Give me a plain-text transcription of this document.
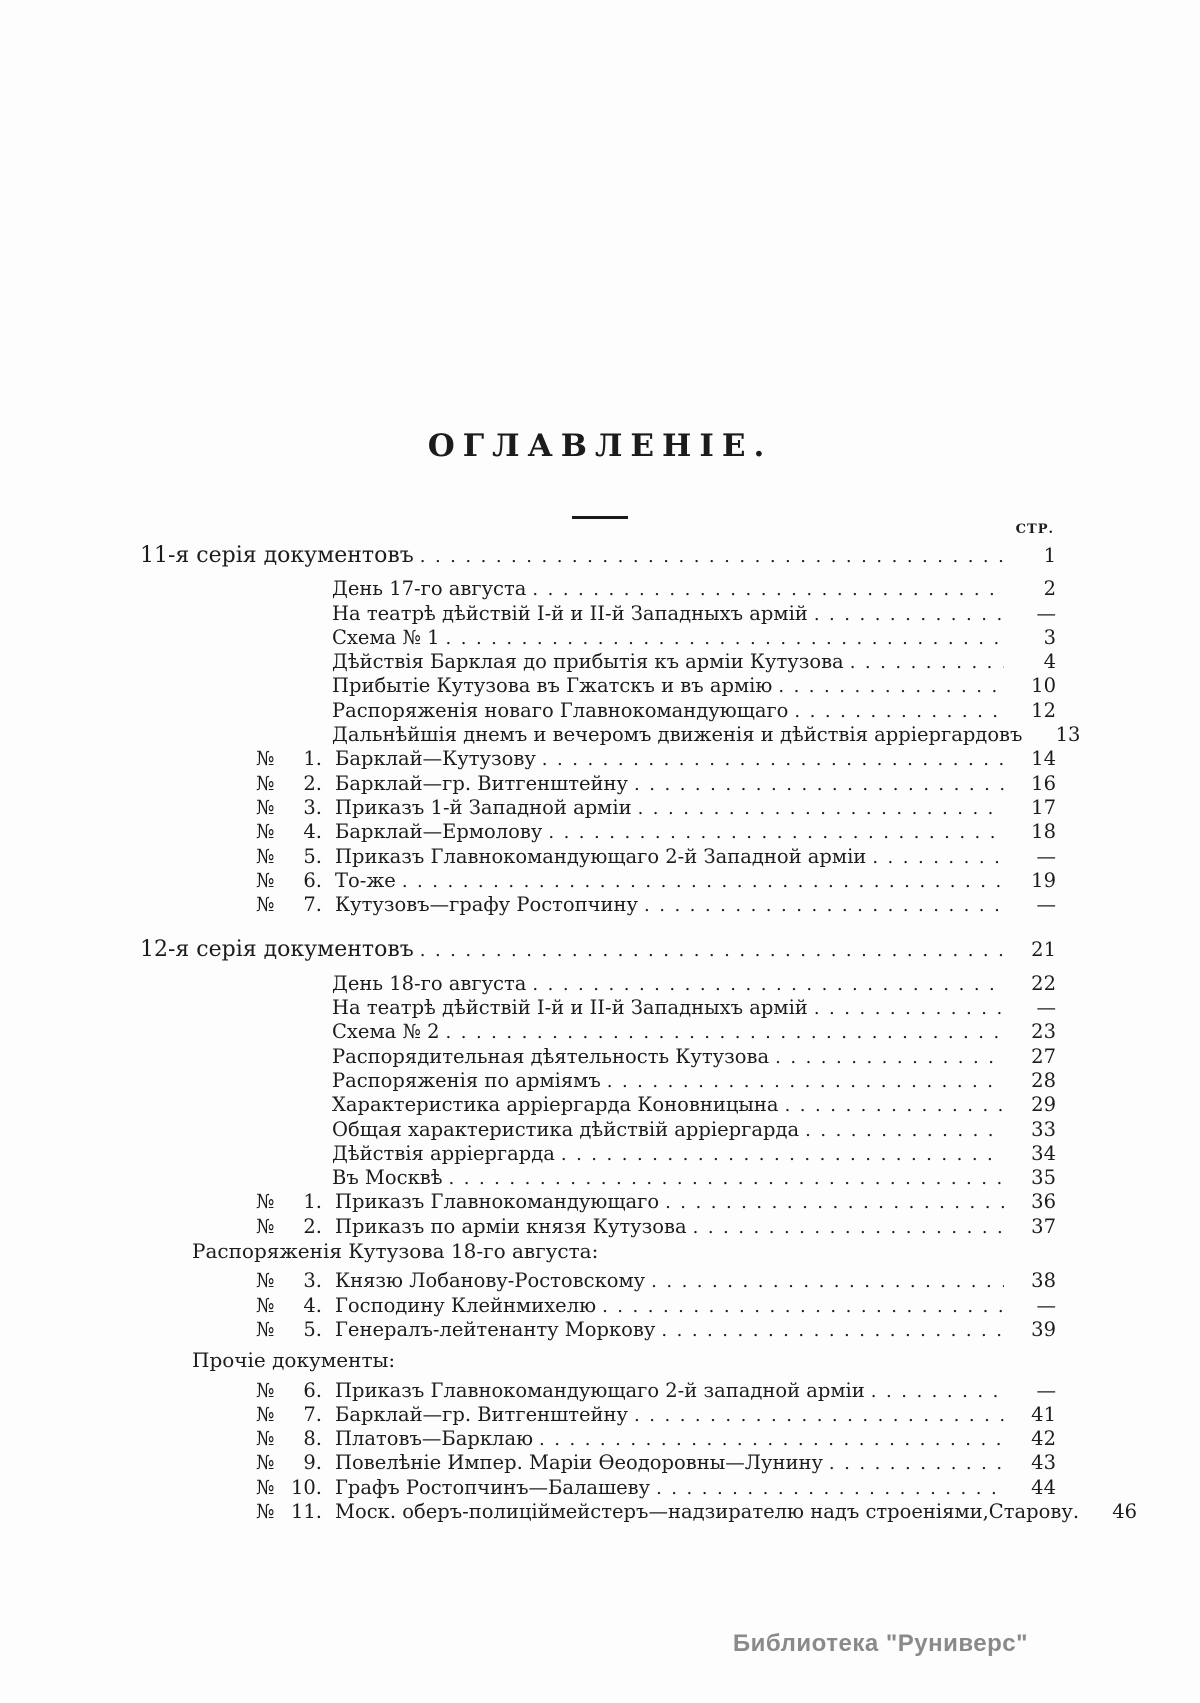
ОГЛАВЛЕНІЕ.
СТР.
11-я серія документовъ .....	1
День 17-го августа .....	2
На театрѣ дѣйствій І-й и ІІ-й Западныхъ армій .....	—
Схема № 1 .....	3
Дѣйствія Барклая до прибытія къ арміи Кутузова .....	4
Прибытіе Кутузова въ Гжатскъ и въ армію .....	10
Распоряженія новаго Главнокомандующаго .....	12
Дальнѣйшія днемъ и вечеромъ движенія и дѣйствія арріергардовъ	13
№	1. Барклай—Кутузову .....	14
№	2. Барклай—гр. Витгенштейну .....	16
№	3. Приказъ 1-й Западной арміи .....	17
№	4. Барклай—Ермолову .....	18
№	5. Приказъ Главнокомандующаго 2-й Западной арміи .....	—
№	6. То-же .....	19
№	7. Кутузовъ—графу Ростопчину .....	—
12-я серія документовъ .....	21
День 18-го августа .....	22
На театрѣ дѣйствій І-й и ІІ-й Западныхъ армій .....	—
Схема № 2 .....	23
Распорядительная дѣятельность Кутузова .....	27
Распоряженія по арміямъ .....	28
Характеристика арріергарда Коновницына .....	29
Общая характеристика дѣйствій арріергарда .....	33
Дѣйствія арріергарда .....	34
Въ Москвѣ .....	35
№	1. Приказъ Главнокомандующаго .....	36
№	2. Приказъ по арміи князя Кутузова .....	37
Распоряженія Кутузова 18-го августа:
№	3. Князю Лобанову-Ростовскому .....	38
№	4. Господину Клейнмихелю .....	—
№	5. Генералъ-лейтенанту Моркову .....	39
Прочіе документы:
№	6. Приказъ Главнокомандующаго 2-й западной арміи .....	—
№	7. Барклай—гр. Витгенштейну .....	41
№	8. Платовъ—Барклаю .....	42
№	9. Повелѣніе Импер. Маріи Ѳеодоровны—Лунину .....	43
№ 10. Графъ Ростопчинъ—Балашеву .....	44
№ 11. Моск. оберъ-полиціймейстеръ—надзирателю надъ строеніями,Старову.	46
Библиотека "Руниверс"
